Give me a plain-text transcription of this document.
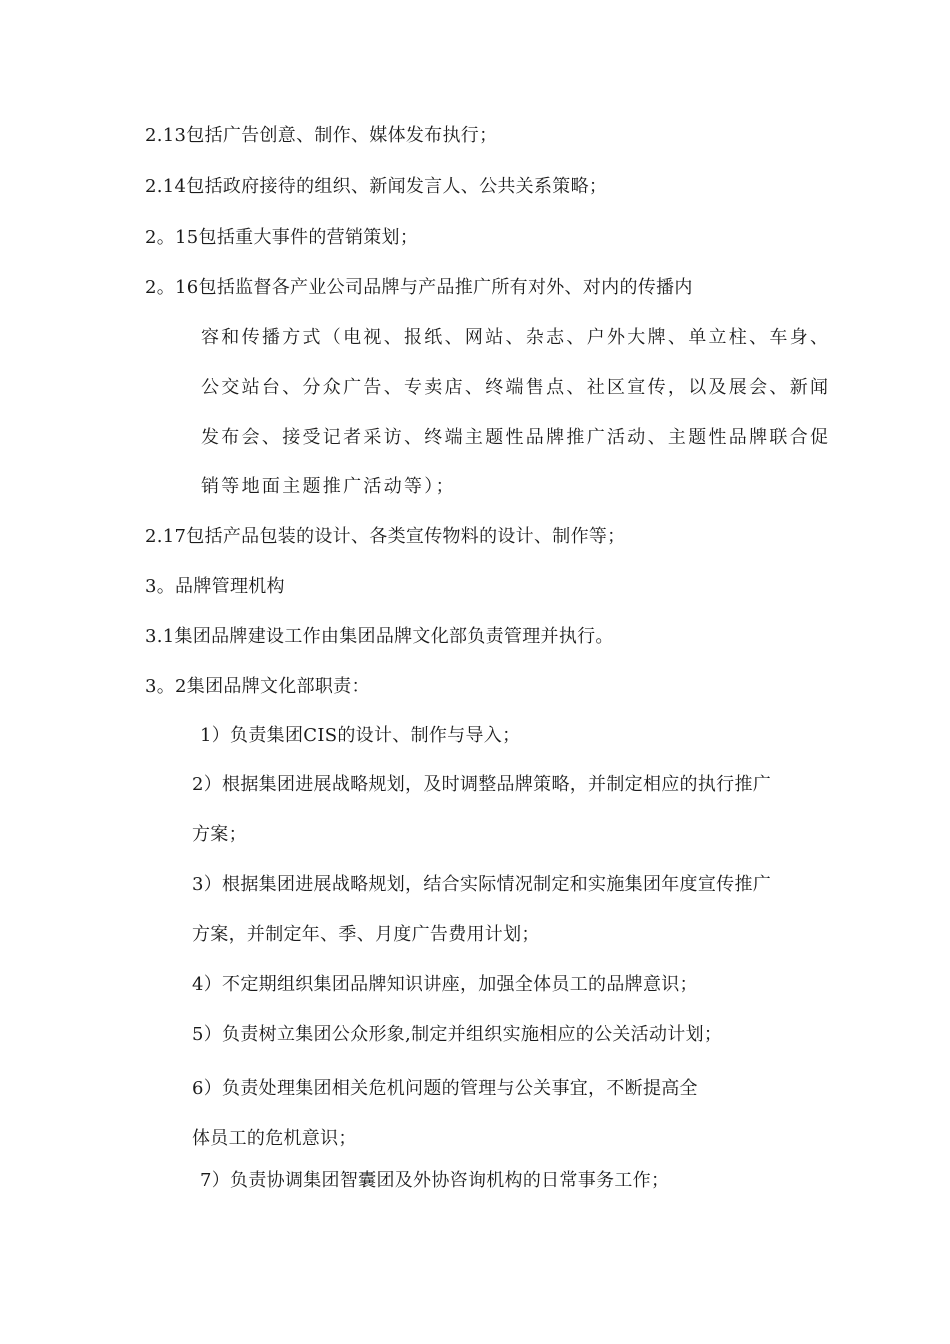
2.13包括广告创意、制作、媒体发布执行；
2.14包括政府接待的组织、新闻发言人、公共关系策略；
2。15包括重大事件的营销策划；
2。16包括监督各产业公司品牌与产品推广所有对外、对内的传播内
容和传播方式（电视、报纸、网站、杂志、户外大牌、单立柱、车身、
公交站台、分众广告、专卖店、终端售点、社区宣传，以及展会、新闻
发布会、接受记者采访、终端主题性品牌推广活动、主题性品牌联合促
销等地面主题推广活动等）；
2.17包括产品包装的设计、各类宣传物料的设计、制作等；
3。品牌管理机构
3.1集团品牌建设工作由集团品牌文化部负责管理并执行。
3。2集团品牌文化部职责：
1）负责集团CIS的设计、制作与导入；
2）根据集团进展战略规划，及时调整品牌策略，并制定相应的执行推广
方案；
3）根据集团进展战略规划，结合实际情况制定和实施集团年度宣传推广
方案，并制定年、季、月度广告费用计划；
4）不定期组织集团品牌知识讲座，加强全体员工的品牌意识；
5）负责树立集团公众形象,制定并组织实施相应的公关活动计划；
6）负责处理集团相关危机问题的管理与公关事宜，不断提高全
体员工的危机意识；
7）负责协调集团智囊团及外协咨询机构的日常事务工作；
